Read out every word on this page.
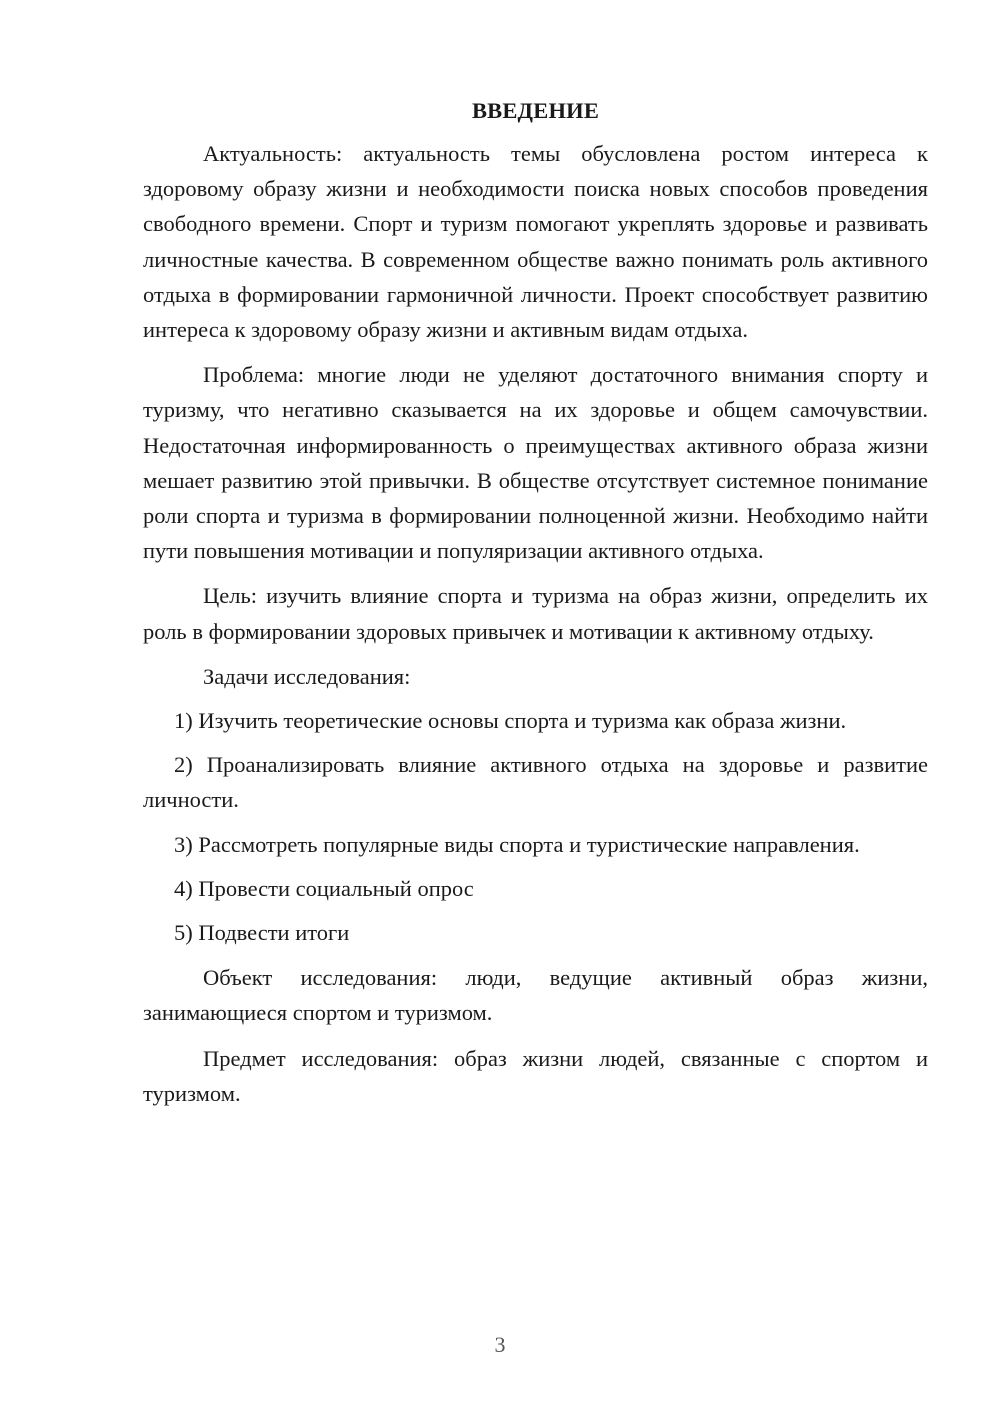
ВВЕДЕНИЕ

Актуальность: актуальность темы обусловлена ростом интереса к здоровому образу жизни и необходимости поиска новых способов проведения свободного времени. Спорт и туризм помогают укреплять здоровье и развивать личностные качества. В современном обществе важно понимать роль активного отдыха в формировании гармоничной личности. Проект способствует развитию интереса к здоровому образу жизни и активным видам отдыха.

Проблема: многие люди не уделяют достаточного внимания спорту и туризму, что негативно сказывается на их здоровье и общем самочувствии. Недостаточная информированность о преимуществах активного образа жизни мешает развитию этой привычки. В обществе отсутствует системное понимание роли спорта и туризма в формировании полноценной жизни. Необходимо найти пути повышения мотивации и популяризации активного отдыха.

Цель: изучить влияние спорта и туризма на образ жизни, определить их роль в формировании здоровых привычек и мотивации к активному отдыху.

Задачи исследования:

1) Изучить теоретические основы спорта и туризма как образа жизни.

2) Проанализировать влияние активного отдыха на здоровье и развитие личности.

3) Рассмотреть популярные виды спорта и туристические направления.

4) Провести социальный опрос

5) Подвести итоги

Объект исследования: люди, ведущие активный образ жизни, занимающиеся спортом и туризмом.

Предмет исследования: образ жизни людей, связанные с спортом и туризмом.

3
